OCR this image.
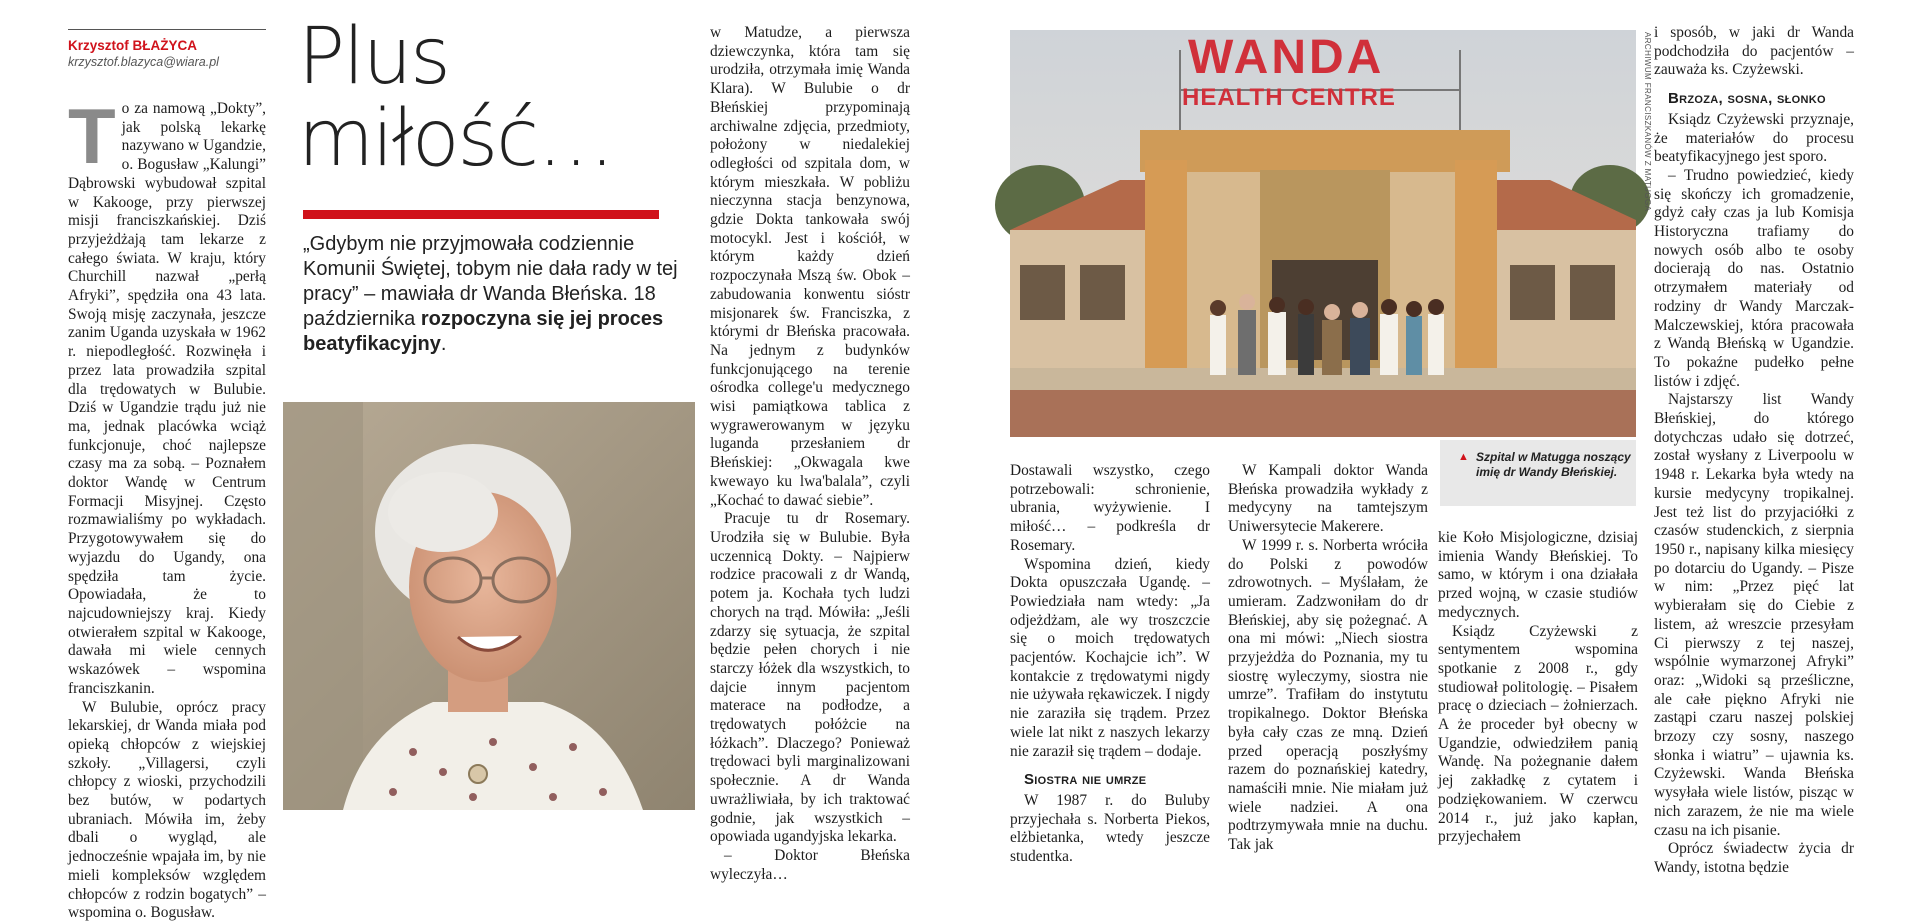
Krzysztof BŁAŻYCA
krzysztof.blazyca@wiara.pl
T o za namową „Dokty”, jak polską lekarkę nazywano w Ugandzie, o. Bogusław „Kalungi” Dąbrowski wybudował szpital w Kakooge, przy pierwszej misji franciszkańskiej. Dziś przyjeżdżają tam lekarze z całego świata. W kraju, który Churchill nazwał „perłą Afryki”, spędziła ona 43 lata. Swoją misję zaczynała, jeszcze zanim Uganda uzyskała w 1962 r. niepodległość. Rozwinęła i przez lata prowadziła szpital dla trędowatych w Bulubie. Dziś w Ugandzie trądu już nie ma, jednak placówka wciąż funkcjonuje, choć najlepsze czasy ma za sobą. – Poznałem doktor Wandę w Centrum Formacji Misyjnej. Często rozmawialiśmy po wykładach. Przygotowywałem się do wyjazdu do Ugandy, ona spędziła tam życie. Opowiadała, że to najcudowniejszy kraj. Kiedy otwierałem szpital w Kakooge, dawała mi wiele cennych wskazówek – wspomina franciszkanin.

W Bulubie, oprócz pracy lekarskiej, dr Wanda miała pod opieką chłopców z wiejskiej szkoły. „Villagersi, czyli chłopcy z wioski, przychodzili bez butów, w podartych ubraniach. Mówiła im, żeby dbali o wygląd, ale jednocześnie wpajała im, by nie mieli kompleksów względem chłopców z rodzin bogatych” – wspomina o. Bogusław.

Plus
miłość…
„Gdybym nie przyjmowała codziennie Komunii Świętej, tobym nie dała rady w tej pracy” – mawiała dr Wanda Błeńska. 18 października rozpoczyna się jej proces beatyfikacyjny.

w Matudze, a pierwsza dziewczynka, która tam się urodziła, otrzymała imię Wanda Klara). W Bulubie o dr Błeńskiej przypominają archiwalne zdjęcia, przedmioty, położony w niedalekiej odległości od szpitala dom, w którym mieszkała. W pobliżu nieczynna stacja benzynowa, gdzie Dokta tankowała swój motocykl. Jest i kościół, w którym każdy dzień rozpoczynała Mszą św. Obok – zabudowania konwentu sióstr misjonarek św. Franciszka, z którymi dr Błeńska pracowała. Na jednym z budynków funkcjonującego na terenie ośrodka college'u medycznego wisi pamiątkowa tablica z wygrawerowanym w języku luganda przesłaniem dr Błeńskiej: „Okwagala kwe kwewayo ku lwa'balala”, czyli „Kochać to dawać siebie”.

Pracuje tu dr Rosemary. Urodziła się w Bulubie. Była uczennicą Dokty. – Najpierw rodzice pracowali z dr Wandą, potem ja. Kochała tych ludzi chorych na trąd. Mówiła: „Jeśli zdarzy się sytuacja, że szpital będzie pełen chorych i nie starczy łóżek dla wszystkich, to dajcie innym pacjentom materace na podłodze, a trędowatych połóżcie na łóżkach”. Dlaczego? Ponieważ trędowaci byli marginalizowani społecznie. A dr Wanda uwrażliwiała, by ich traktować godnie, jak wszystkich – opowiada ugandyjska lekarka.

– Doktor Błeńska wyleczyła…

WANDA
HEALTH CENTRE	ARCHIWUM FRANCISZKANÓW Z MATUGGA
▲ Szpital w Matugga noszący imię dr Wandy Błeńskiej.

Dostawali wszystko, czego potrzebowali: schronienie, ubrania, wyżywienie. I miłość… – podkreśla dr Rosemary.

Wspomina dzień, kiedy Dokta opuszczała Ugandę. – Powiedziała nam wtedy: „Ja odjeżdżam, ale wy troszczcie się o moich trędowatych pacjentów. Kochajcie ich”. W kontakcie z trędowatymi nigdy nie używała rękawiczek. I nigdy nie zaraziła się trądem. Przez wiele lat nikt z naszych lekarzy nie zaraził się trądem – dodaje.

Siostra nie umrze

W 1987 r. do Buluby przyjechała s. Norberta Piekos, elżbietanka, wtedy jeszcze studentka.

W Kampali doktor Wanda Błeńska prowadziła wykłady z medycyny na tamtejszym Uniwersytecie Makerere.

W 1999 r. s. Norberta wróciła do Polski z powodów zdrowotnych. – Myślałam, że umieram. Zadzwoniłam do dr Błeńskiej, aby się pożegnać. A ona mi mówi: „Niech siostra przyjeżdża do Poznania, my tu siostrę wyleczymy, siostra nie umrze”. Trafiłam do instytutu tropikalnego. Doktor Błeńska była cały czas ze mną. Dzień przed operacją poszłyśmy razem do poznańskiej katedry, namaściłi mnie. Nie miałam już wiele nadziei. A ona podtrzymywała mnie na duchu. Tak jak

kie Koło Misjologiczne, dzisiaj imienia Wandy Błeńskiej. To samo, w którym i ona działała przed wojną, w czasie studiów medycznych.

Ksiądz Czyżewski z sentymentem wspomina spotkanie z 2008 r., gdy studiował politologię. – Pisałem pracę o dzieciach – żołnierzach. A że proceder był obecny w Ugandzie, odwiedziłem panią Wandę. Na pożegnanie dałem jej zakładkę z cytatem i podziękowaniem. W czerwcu 2014 r., już jako kapłan, przyjechałem

i sposób, w jaki dr Wanda podchodziła do pacjentów – zauważa ks. Czyżewski.

Brzoza, sosna, słonko

Ksiądz Czyżewski przyznaje, że materiałów do procesu beatyfikacyjnego jest sporo.

– Trudno powiedzieć, kiedy się skończy ich gromadzenie, gdyż cały czas ja lub Komisja Historyczna trafiamy do nowych osób albo te osoby docierają do nas. Ostatnio otrzymałem materiały od rodziny dr Wandy Marczak-Malczewskiej, która pracowała z Wandą Błeńską w Ugandzie. To pokaźne pudełko pełne listów i zdjęć.

Najstarszy list Wandy Błeńskiej, do którego dotychczas udało się dotrzeć, został wysłany z Liverpoolu w 1948 r. Lekarka była wtedy na kursie medycyny tropikalnej. Jest też list do przyjaciółki z czasów studenckich, z sierpnia 1950 r., napisany kilka miesięcy po dotarciu do Ugandy. – Pisze w nim: „Przez pięć lat wybierałam się do Ciebie z listem, aż wreszcie przesyłam Ci pierwszy z tej naszej, wspólnie wymarzonej Afryki” oraz: „Widoki są prześliczne, ale całe piękno Afryki nie zastąpi czaru naszej polskiej brzozy czy sosny, naszego słonka i wiatru” – ujawnia ks. Czyżewski. Wanda Błeńska wysyłała wiele listów, pisząc w nich zarazem, że nie ma wiele czasu na ich pisanie.

Oprócz świadectw życia dr Wandy, istotna będzie
